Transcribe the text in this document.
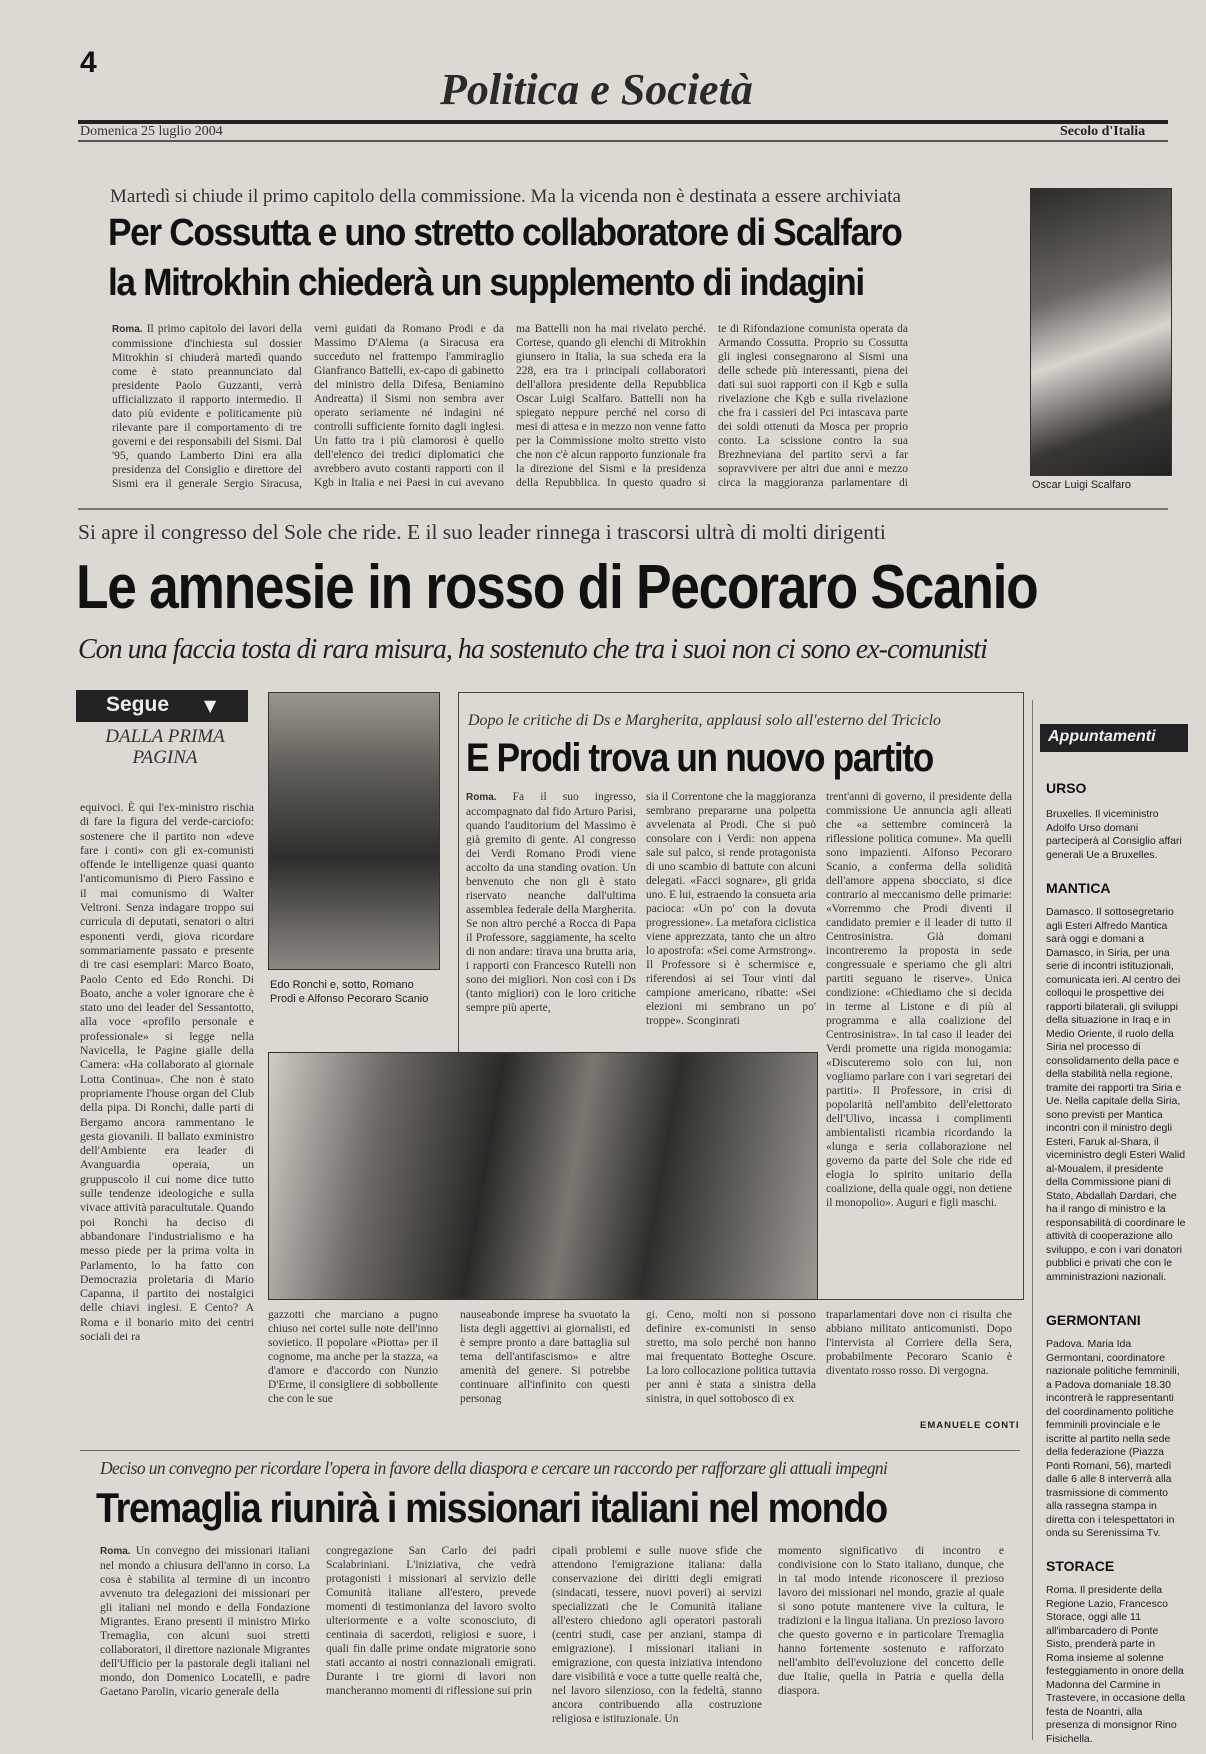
4
Politica e Società
Domenica 25 luglio 2004	Secolo d'Italia
Martedì si chiude il primo capitolo della commissione. Ma la vicenda non è destinata a essere archiviata
Per Cossutta e uno stretto collaboratore di Scalfaro
la Mitrokhin chiederà un supplemento di indagini
Roma. Il primo capitolo dei lavori della commissione d'inchiesta sul dossier Mitrokhin si chiuderà martedì quando come è stato preannunciato dal presidente Paolo Guzzanti, verrà ufficializzato il rapporto intermedio. Il dato più evidente e politicamente più rilevante pare il comportamento di tre governi e dei responsabili del Sismi. Dal '95, quando Lamberto Dini era alla presidenza del Consiglio e direttore del Sismi era il generale Sergio Siracusa,
verni guidati da Romano Prodi e da Massimo D'Alema (a Siracusa era succeduto nel frattempo l'ammiraglio Gianfranco Battelli, ex-capo di gabinetto del ministro della Difesa, Beniamino Andreatta) il Sismi non sembra aver operato seriamente né indagini né controlli sufficiente fornito dagli inglesi. Un fatto tra i più clamorosi è quello dell'elenco dei tredici diplomatici che avrebbero avuto costanti rapporti con il Kgb in Italia e nei Paesi in cui avevano
ma Battelli non ha mai rivelato perché. Cortese, quando gli elenchi di Mitrokhin giunsero in Italia, la sua scheda era la 228, era tra i principali collaboratori dell'allora presidente della Repubblica Oscar Luigi Scalfaro. Battelli non ha spiegato neppure perché nel corso di mesi di attesa e in mezzo non venne fatto per la Commissione molto stretto visto che non c'è alcun rapporto funzionale fra la direzione del Sismi e la presidenza della Repubblica. In questo quadro si
te di Rifondazione comunista operata da Armando Cossutta. Proprio su Cossutta gli inglesi consegnarono al Sismi una delle schede più interessanti, piena dei dati sui suoi rapporti con il Kgb e sulla rivelazione che Kgb e sulla rivelazione che fra i cassieri del Pci intascava parte dei soldi ottenuti da Mosca per proprio conto. La scissione contro la sua Brezhneviana del partito servì a far sopravvivere per altri due anni e mezzo circa la maggioranza parlamentare di	Oscar Luigi Scalfaro
Si apre il congresso del Sole che ride. E il suo leader rinnega i trascorsi ultrà di molti dirigenti
Le amnesie in rosso di Pecoraro Scanio
Con una faccia tosta di rara misura, ha sostenuto che tra i suoi non ci sono ex-comunisti
Segue ▼
DALLA PRIMA PAGINA
equivoci. È qui l'ex-ministro rischia di fare la figura del verde-carciofo: sostenere che il partito non «deve fare i conti» con gli ex-comunisti offende le intelligenze quasi quanto l'anticomunismo di Piero Fassino e il mai comunismo di Walter Veltroni. Senza indagare troppo sui curricula di deputati, senatori o altri esponenti verdi, giova ricordare sommariamente passato e presente di tre casi esemplari: Marco Boato, Paolo Cento ed Edo Ronchi. Di Boato, anche a voler ignorare che è stato uno dei leader del Sessantotto, alla voce «profilo personale e professionale» si legge nella Navicella, le Pagine gialle della Camera: «Ha collaborato al giornale Lotta Continua». Che non è stato propriamente l'house organ del Club della pipa. Di Ronchi, dalle parti di Bergamo ancora rammentano le gesta giovanili. Il ballato exministro dell'Ambiente era leader di Avanguardia operaia, un gruppuscolo il cui nome dice tutto sulle tendenze ideologiche e sulla vivace attività paracultutale. Quando poi Ronchi ha deciso di abbandonare l'industrialismo e ha messo piede per la prima volta in Parlamento, lo ha fatto con Democrazia proletaria di Mario Capanna, il partito dei nostalgici delle chiavi inglesi. E Cento? A Roma e il bonario mito dei centri sociali dei ra
Edo Ronchi e, sotto, Romano Prodi e Alfonso Pecoraro Scanio
Dopo le critiche di Ds e Margherita, applausi solo all'esterno del Triciclo
E Prodi trova un nuovo partito
Roma. Fa il suo ingresso, accompagnato dal fido Arturo Parisi, quando l'auditorium del Massimo è già gremito di gente. Al congresso dei Verdi Romano Prodi viene accolto da una standing ovation. Un benvenuto che non gli è stato riservato neanche dall'ultima assemblea federale della Margherita. Se non altro perché a Rocca di Papa il Professore, saggiamente, ha scelto di non andare: tirava una brutta aria, i rapporti con Francesco Rutelli non sono dei migliori. Non così con i Ds (tanto migliori) con le loro critiche sempre più aperte,
sia il Correntone che la maggioranza sembrano prepararne una polpetta avvelenata al Prodi. Che si può consolare con i Verdi: non appena sale sul palco, si rende protagonista di uno scambio di battute con alcuni delegati. «Facci sognare», gli grida uno. E lui, estraendo la consueta aria pacioса: «Un po' con la dovuta progressione». La metafora ciclistica viene apprezzata, tanto che un altro lo apostrofa: «Sei come Armstrong». Il Professore si è schermisce e, riferendosi ai sei Tour vinti dal campione americano, ribatte: «Sei elezioni mi sembrano un po' troppe». Sconginrati
trent'anni di governo, il presidente della commissione Ue annuncia agli alleati che «a settembre comincerà la riflessione politica comune». Ma quelli sono impazienti. Alfonso Pecoraro Scanio, a conferma della solidità dell'amore appena sbocciato, si dice contrario al meccanismo delle primarie: «Vorremmo che Prodi diventi il candidato premier e il leader di tutto il Centrosinistra. Già domani incontreremo la proposta in sede congressuale e speriamo che gli altri partiti seguano le riserve». Unica condizione: «Chiediamo che si decida in terme al Listone e di più al programma e alla coalizione del Centrosinistra». In tal caso il leader dei Verdi promette una rigida monogamia: «Discuteremo solo con lui, non vogliamo parlare con i vari segretari dei partiti». Il Professore, in crisi di popolarità nell'ambito dell'elettorato dell'Ulivo, incassa i complimenti ambientalisti ricambia ricordando la «lunga e seria collaborazione nel governo da parte del Sole che ride ed elogia lo spirito unitario della coalizione, della quale oggi, non detiene il monopolio». Auguri e figli maschi.
gazzotti che marciano a pugno chiuso nei cortei sulle note dell'inno sovietico. Il popolare «Piotta» per il cognome, ma anche per la stazza, «a d'amore e d'accordo con Nunzio D'Erme, il consigliere di sobbollente che con le sue
nauseabonde imprese ha svuotato la lista degli aggettivi ai giornalisti, ed è sempre pronto a dare battaglia sul tema dell'antifascismo» e altre amenità del genere. Si potrebbe continuare all'infinito con questi personag
gi. Ceno, molti non si possono definire ex-comunisti in senso stretto, ma solo perché non hanno mai frequentato Botteghe Oscure. La loro collocazione politica tuttavia per anni è stata a sinistra della sinistra, in quel sottobosco di ex
traparlamentari dove non ci risulta che abbiano militato anticomunisti. Dopo l'intervista al Corriere della Sera, probabilmente Pecoraro Scanio è diventato rosso rosso. Di vergogna.
EMANUELE CONTI
Deciso un convegno per ricordare l'opera in favore della diaspora e cercare un raccordo per rafforzare gli attuali impegni
Tremaglia riunirà i missionari italiani nel mondo
Roma. Un convegno dei missionari italiani nel mondo a chiusura dell'anno in corso. La cosa è stabilita al termine di un incontro avvenuto tra delegazioni dei missionari per gli italiani nel mondo e della Fondazione Migrantes. Erano presenti il ministro Mirko Tremaglia, con alcuni suoi stretti collaboratori, il direttore nazionale Migrantes dell'Ufficio per la pastorale degli italiani nel mondo, don Domenico Locatelli, e padre Gaetano Parolin, vicario generale della
congregazione San Carlo dei padri Scalabriniani. L'iniziativa, che vedrà protagonisti i missionari al servizio delle Comunità italiane all'estero, prevede momenti di testimonianza del lavoro svolto ulteriormente e a volte sconosciuto, di centinaia di sacerdoti, religiosi e suore, i quali fin dalle prime ondate migratorie sono stati accanto ai nostri connazionali emigrati. Durante i tre giorni di lavori non mancheranno momenti di riflessione sui prin
cipali problemi e sulle nuove sfide che attendono l'emigrazione italiana: dalla conservazione dei diritti degli emigrati (sindacati, tessere, nuovi poveri) ai servizi specializzati che le Comunità italiane all'estero chiedono agli operatori pastorali (centri studi, case per anziani, stampa di emigrazione). I missionari italiani in emigrazione, con questa iniziativa intendono dare visibilità e voce a tutte quelle realtà che, nel lavoro silenzioso, con la fedeltà, stanno ancora contribuendo alla costruzione religiosa e istituzionale. Un
momento significativo di incontro e condivisione con lo Stato italiano, dunque, che in tal modo intende riconoscere il prezioso lavoro dei missionari nel mondo, grazie al quale si sono potute mantenere vive la cultura, le tradizioni e la lingua italiana. Un prezioso lavoro che questo governo e in particolare Tremaglia hanno fortemente sostenuto e rafforzato nell'ambito dell'evoluzione del concetto delle due Italie, quella in Patria e quella della diaspora.
Appuntamenti
URSO
Bruxelles. Il viceministro Adolfo Urso domani parteciperà al Consiglio affari generali Ue a Bruxelles.
MANTICA
Damasco. Il sottosegretario agli Esteri Alfredo Mantica sarà oggi e domani a Damasco, in Siria, per una serie di incontri istituzionali, comunicata ieri. Al centro dei colloqui le prospettive dei rapporti bilaterali, gli sviluppi della situazione in Iraq e in Medio Oriente, il ruolo della Siria nel processo di consolidamento della pace e della stabilità nella regione, tramite dei rapporti tra Siria e Ue. Nella capitale della Siria, sono previsti per Mantica incontri con il ministro degli Esteri, Faruk al-Shara, il viceministro degli Esteri Walid al-Moualem, il presidente della Commissione piani di Stato, Abdallah Dardari, che ha il rango di ministro e la responsabilità di coordinare le attività di cooperazione allo sviluppo, e con i vari donatori pubblici e privati che con le amministrazioni nazionali.
GERMONTANI
Padova. Maria Ida Germontani, coordinatore nazionale politiche femminili, a Padova domaniale 18.30 incontrerà le rappresentanti del coordinamento politiche femminili provinciale e le iscritte al partito nella sede della federazione (Piazza Ponti Romani, 56), martedì dalle 6 alle 8 interverrà alla trasmissione di commento alla rassegna stampa in diretta con i telespettatori in onda su Serenissima Tv.
STORACE
Roma. Il presidente della Regione Lazio, Francesco Storace, oggi alle 11 all'imbarcadero di Ponte Sisto, prenderà parte in Roma insieme al solenne festeggiamento in onore della Madonna del Carmine in Trastevere, in occasione della festa de Noantri, alla presenza di monsignor Rino Fisichella.
